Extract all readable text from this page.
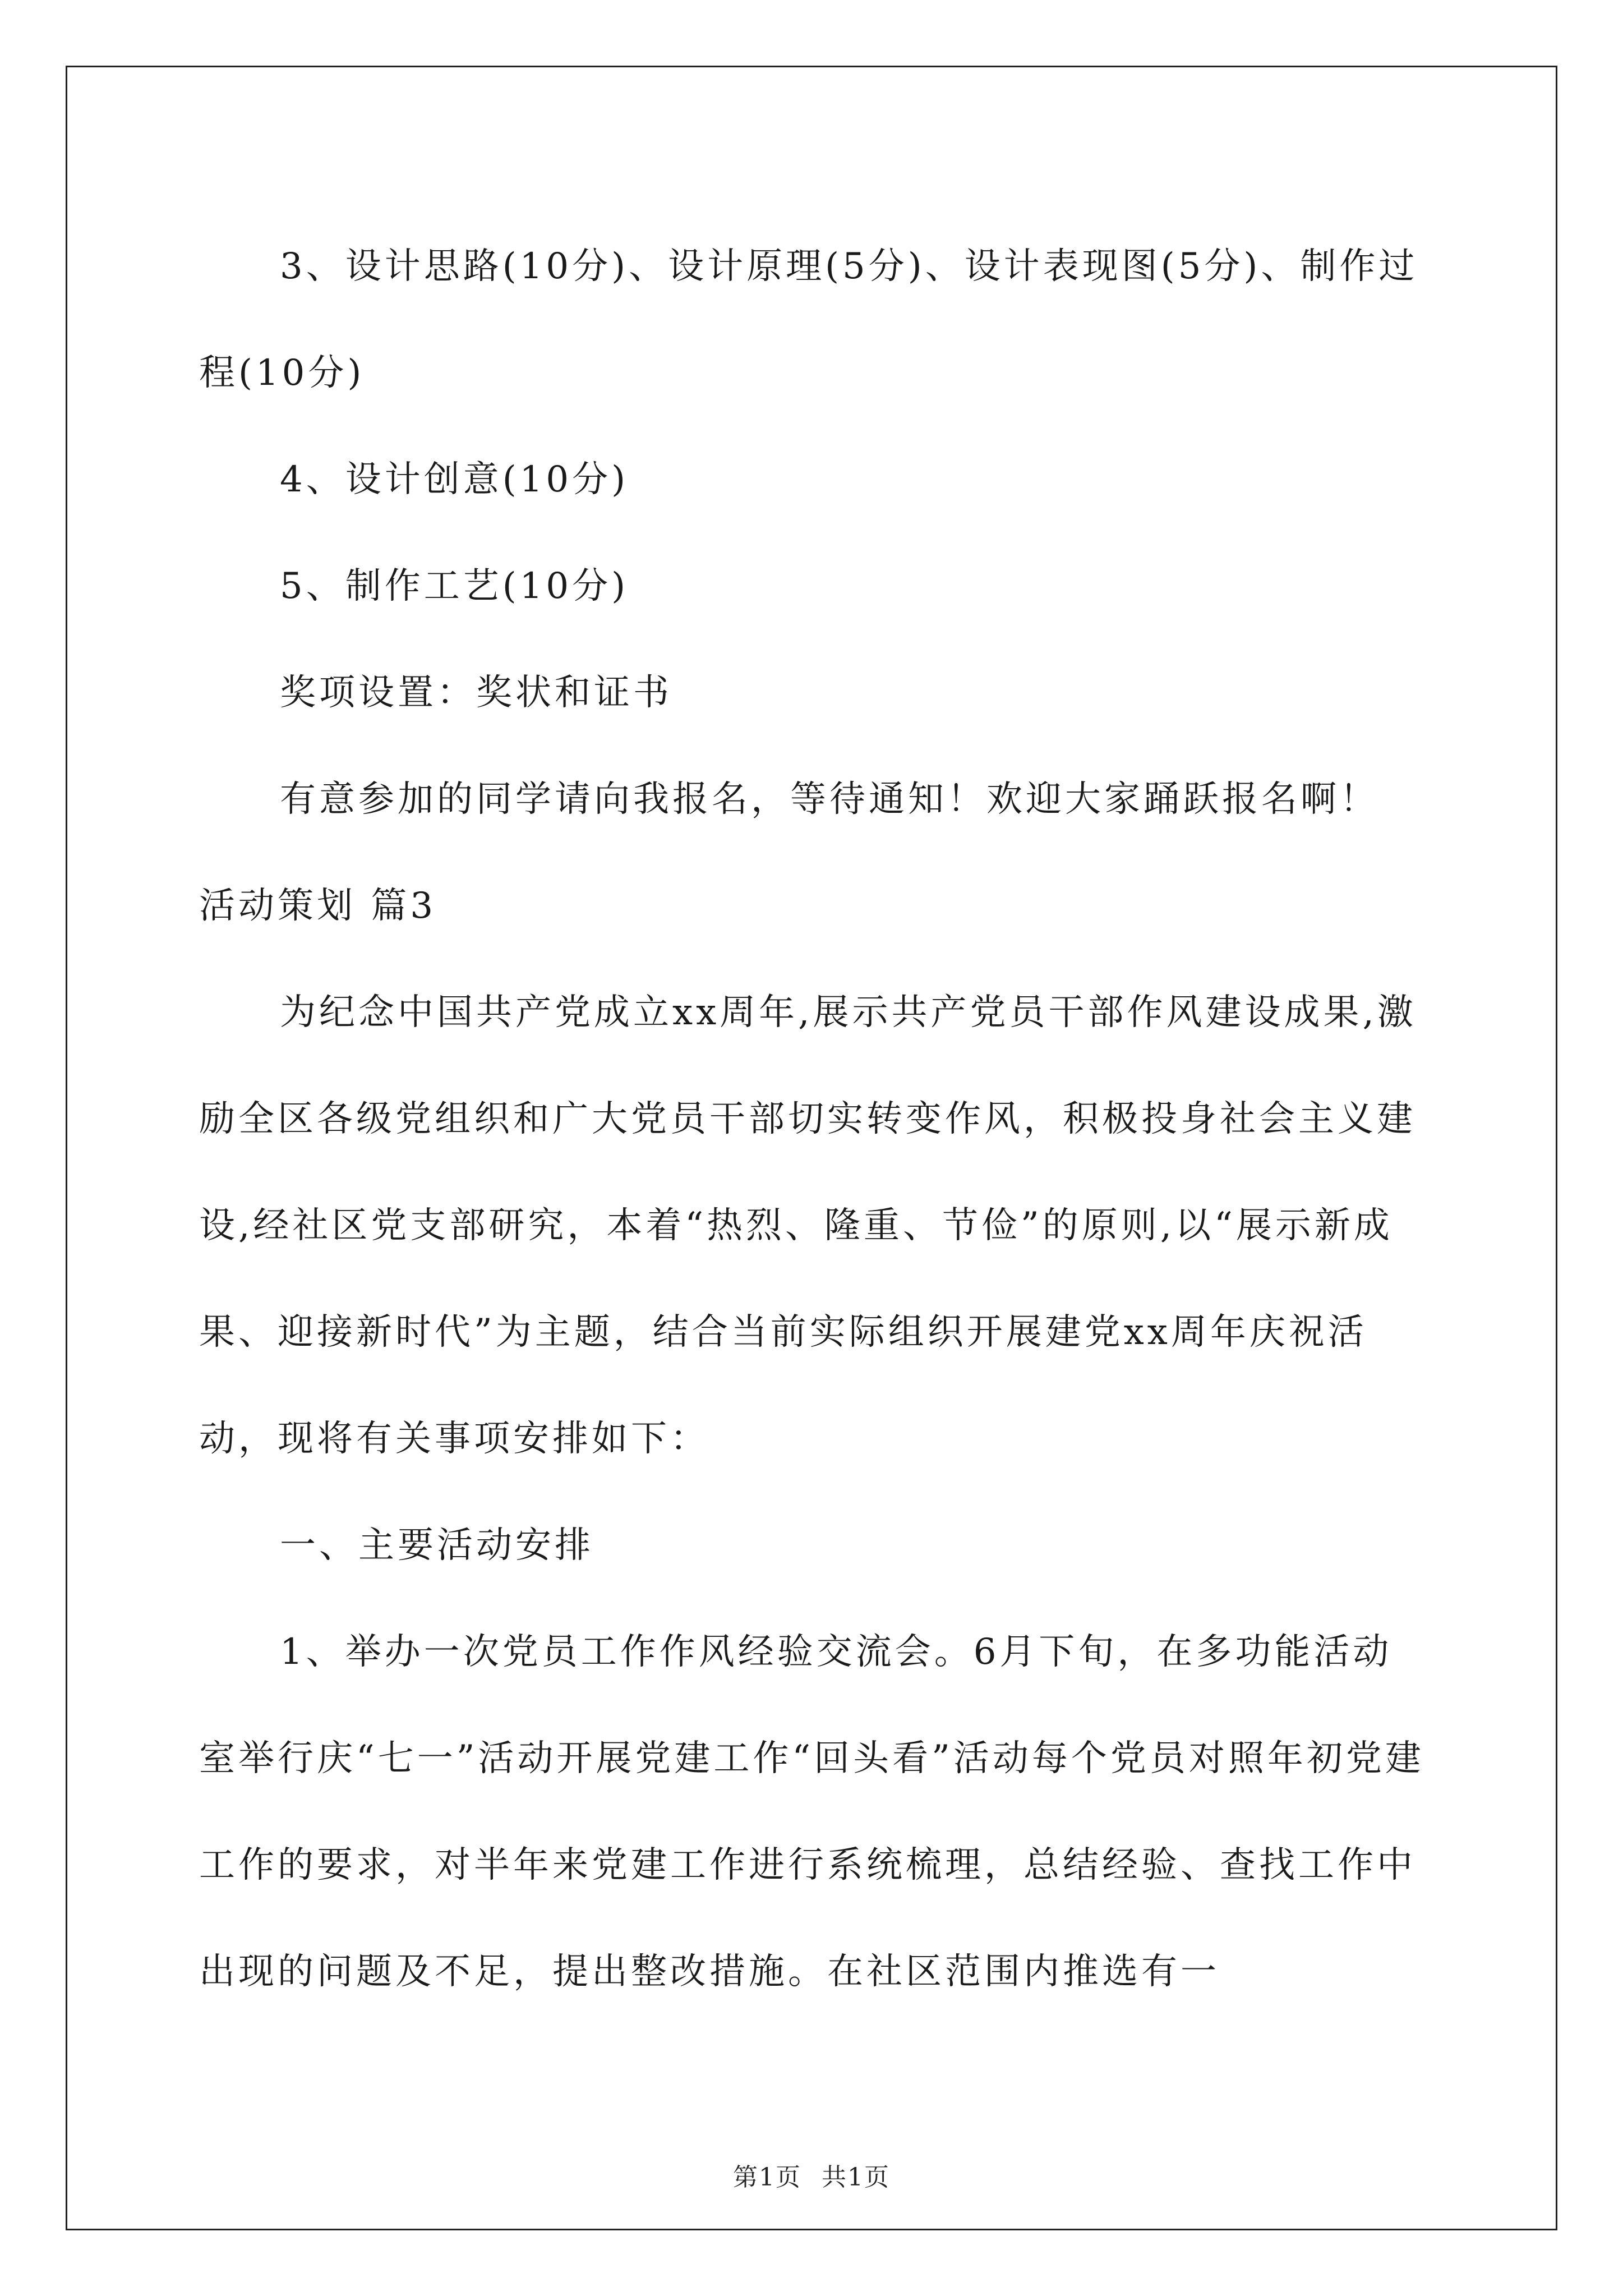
3、设计思路(10分)、设计原理(5分)、设计表现图(5分)、制作过程(10分)

4、设计创意(10分)

5、制作工艺(10分)

奖项设置：奖状和证书

有意参加的同学请向我报名，等待通知！欢迎大家踊跃报名啊！

活动策划 篇3

为纪念中国共产党成立xx周年,展示共产党员干部作风建设成果,激励全区各级党组织和广大党员干部切实转变作风，积极投身社会主义建设,经社区党支部研究，本着“热烈、隆重、节俭”的原则,以“展示新成果、迎接新时代”为主题，结合当前实际组织开展建党xx周年庆祝活动，现将有关事项安排如下：

一、主要活动安排

1、举办一次党员工作作风经验交流会。6月下旬，在多功能活动室举行庆“七一”活动开展党建工作“回头看”活动每个党员对照年初党建工作的要求，对半年来党建工作进行系统梳理，总结经验、查找工作中出现的问题及不足，提出整改措施。在社区范围内推选有一

第1页 共1页
